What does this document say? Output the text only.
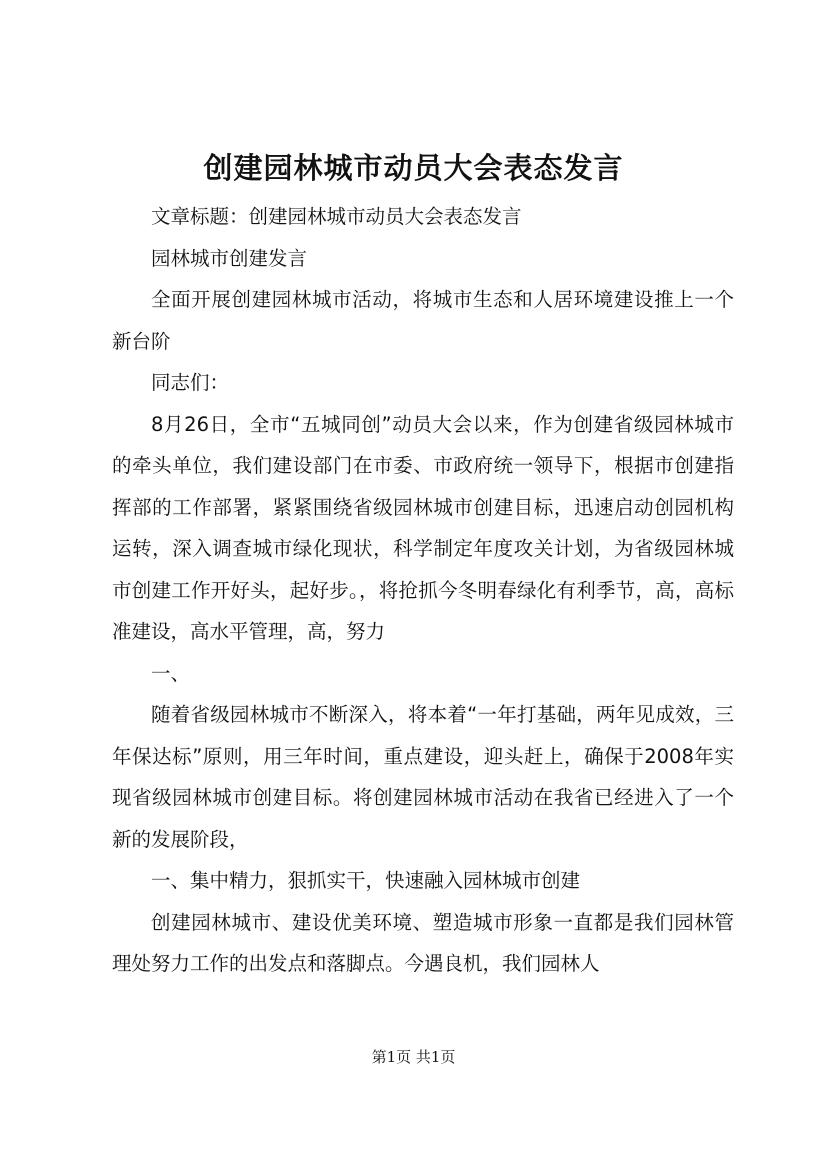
创建园林城市动员大会表态发言

文章标题：创建园林城市动员大会表态发言

园林城市创建发言

全面开展创建园林城市活动，将城市生态和人居环境建设推上一个新台阶

同志们：

8月26日，全市“五城同创”动员大会以来，作为创建省级园林城市的牵头单位，我们建设部门在市委、市政府统一领导下，根据市创建指挥部的工作部署，紧紧围绕省级园林城市创建目标，迅速启动创园机构运转，深入调查城市绿化现状，科学制定年度攻关计划，为省级园林城市创建工作开好头，起好步。，将抢抓今冬明春绿化有利季节，高，高标准建设，高水平管理，高，努力

一、

随着省级园林城市不断深入，将本着“一年打基础，两年见成效，三年保达标”原则，用三年时间，重点建设，迎头赶上，确保于2008年实现省级园林城市创建目标。将创建园林城市活动在我省已经进入了一个新的发展阶段，

一、集中精力，狠抓实干，快速融入园林城市创建

创建园林城市、建设优美环境、塑造城市形象一直都是我们园林管理处努力工作的出发点和落脚点。今遇良机，我们园林人

第1页 共1页
